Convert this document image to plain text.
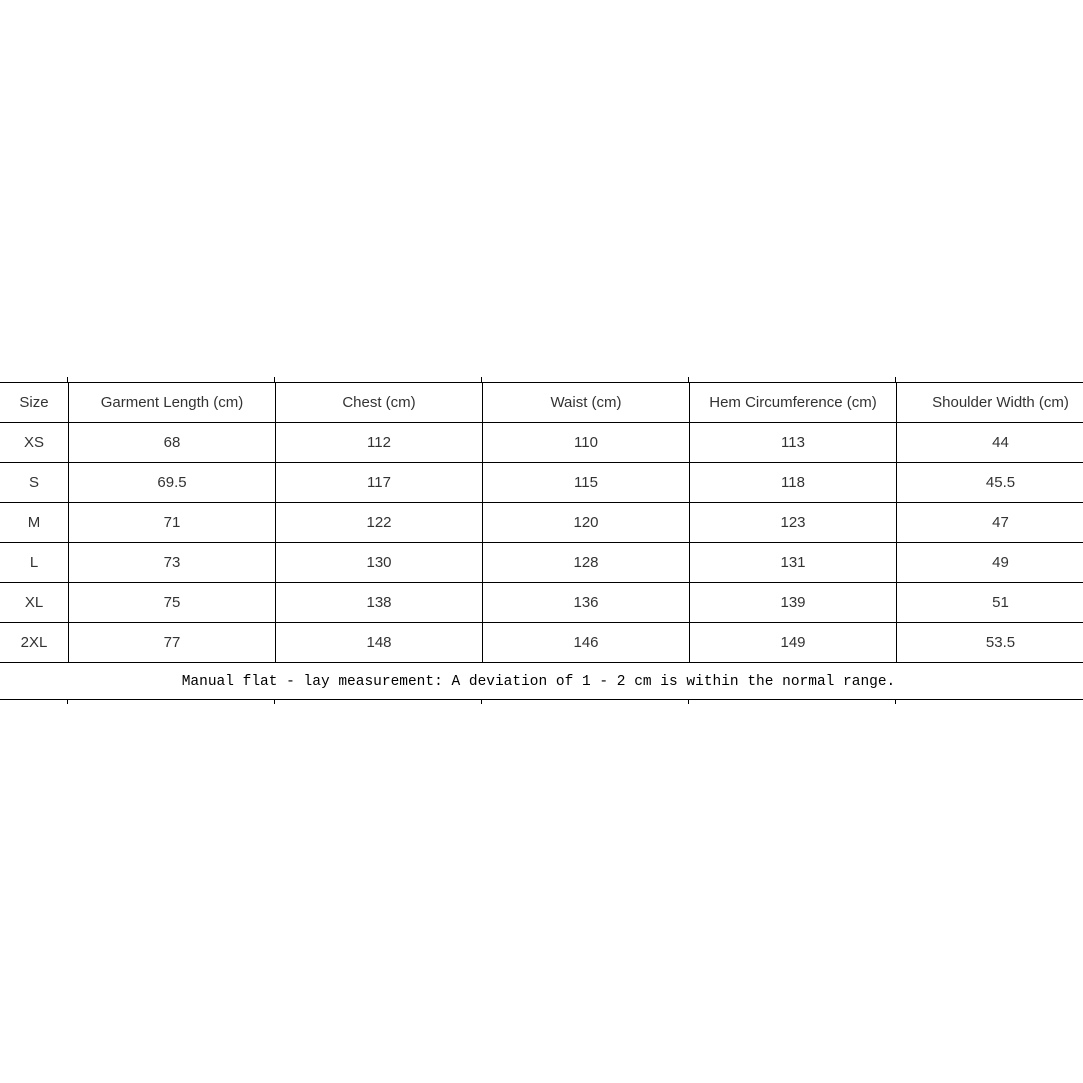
Size	Garment Length (cm)	Chest (cm)	Waist (cm)	Hem Circumference (cm)	Shoulder Width (cm)
XS	68	112	110	113	44
S	69.5	117	115	118	45.5
M	71	122	120	123	47
L	73	130	128	131	49
XL	75	138	136	139	51
2XL	77	148	146	149	53.5
Manual flat - lay measurement: A deviation of 1 - 2 cm is within the normal range.					
